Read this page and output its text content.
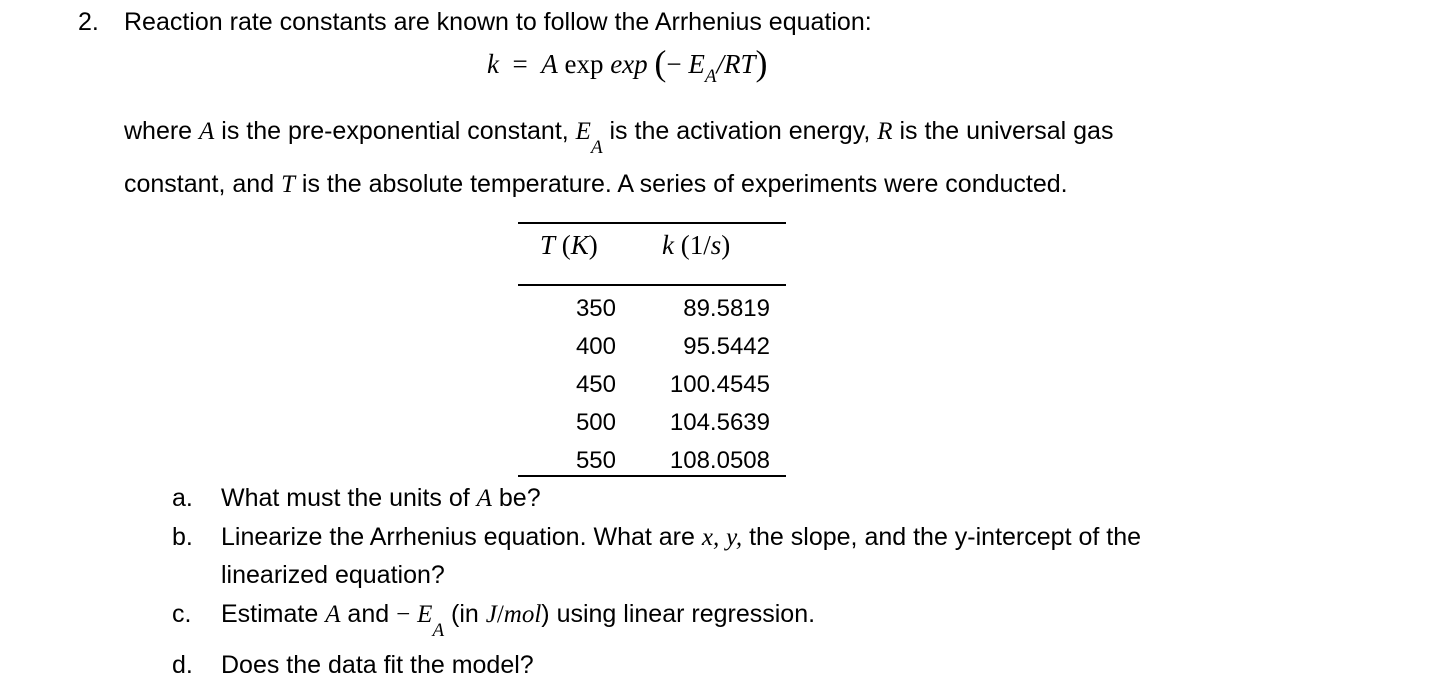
2. Reaction rate constants are known to follow the Arrhenius equation:
k = A exp exp (− $E_A/RT$)
where A is the pre-exponential constant, $E_A$ is the activation energy, R is the universal gas
constant, and T is the absolute temperature. A series of experiments were conducted.
T (K) k (1/s)
350	89.5819
400	95.5442
450	100.4545
500	104.5639
550	108.0508
a. What must the units of A be?
b. Linearize the Arrhenius equation. What are x, y, the slope, and the y-intercept of the
linearized equation?
c. Estimate A and − $E_A$ (in J/mol) using linear regression.
d. Does the data fit the model?
